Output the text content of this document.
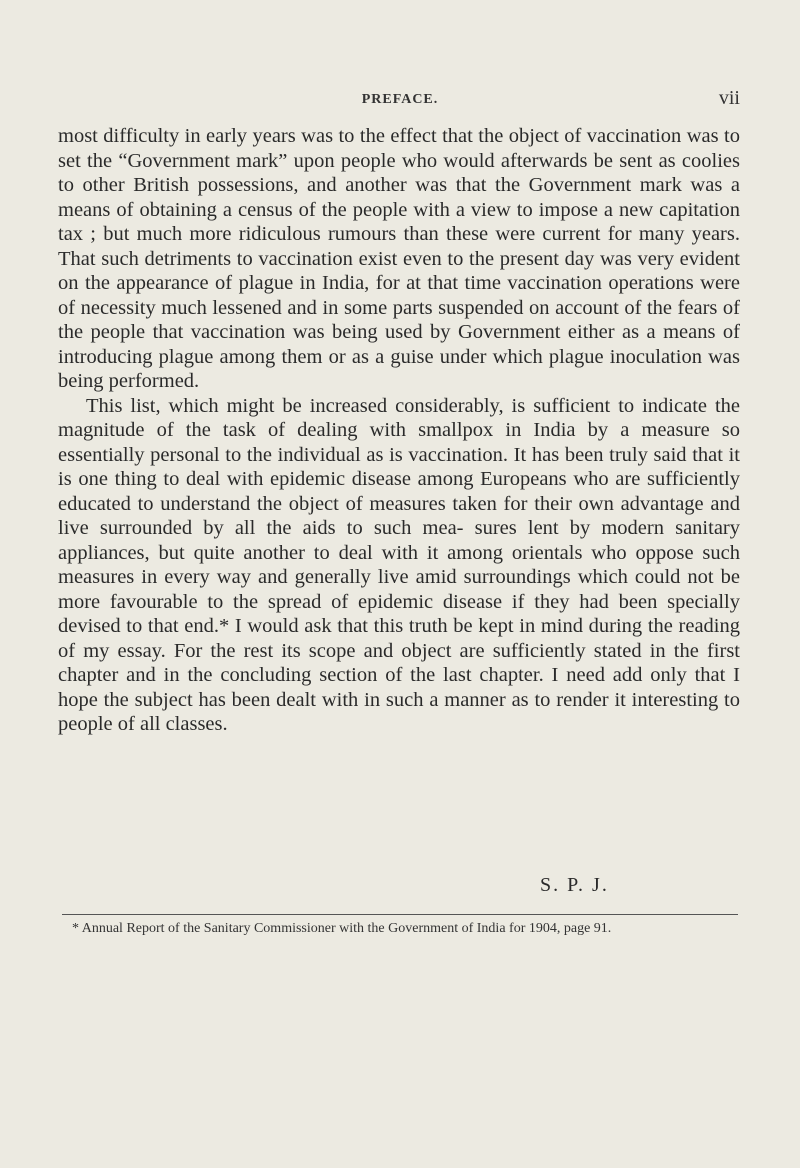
PREFACE.	vii

most difficulty in early years was to the effect that the object of vaccination was to set the “Government mark” upon people who would afterwards be sent as coolies to other British possessions, and another was that the Government mark was a means of obtaining a census of the people with a view to impose a new capitation tax ; but much more ridiculous rumours than these were current for many years. That such detriments to vaccination exist even to the present day was very evident on the appearance of plague in India, for at that time vaccination operations were of necessity much lessened and in some parts suspended on account of the fears of the people that vaccination was being used by Government either as a means of introducing plague among them or as a guise under which plague inoculation was being performed.

This list, which might be increased considerably, is sufficient to indicate the magnitude of the task of dealing with smallpox in India by a measure so essentially personal to the individual as is vaccination. It has been truly said that it is one thing to deal with epidemic disease among Europeans who are sufficiently educated to understand the object of measures taken for their own advantage and live surrounded by all the aids to such mea- sures lent by modern sanitary appliances, but quite another to deal with it among orientals who oppose such measures in every way and generally live amid surroundings which could not be more favourable to the spread of epidemic disease if they had been specially devised to that end.* I would ask that this truth be kept in mind during the reading of my essay. For the rest its scope and object are sufficiently stated in the first chapter and in the concluding section of the last chapter. I need add only that I hope the subject has been dealt with in such a manner as to render it interesting to people of all classes.

S. P. J.
* Annual Report of the Sanitary Commissioner with the Government of India for 1904, page 91.
